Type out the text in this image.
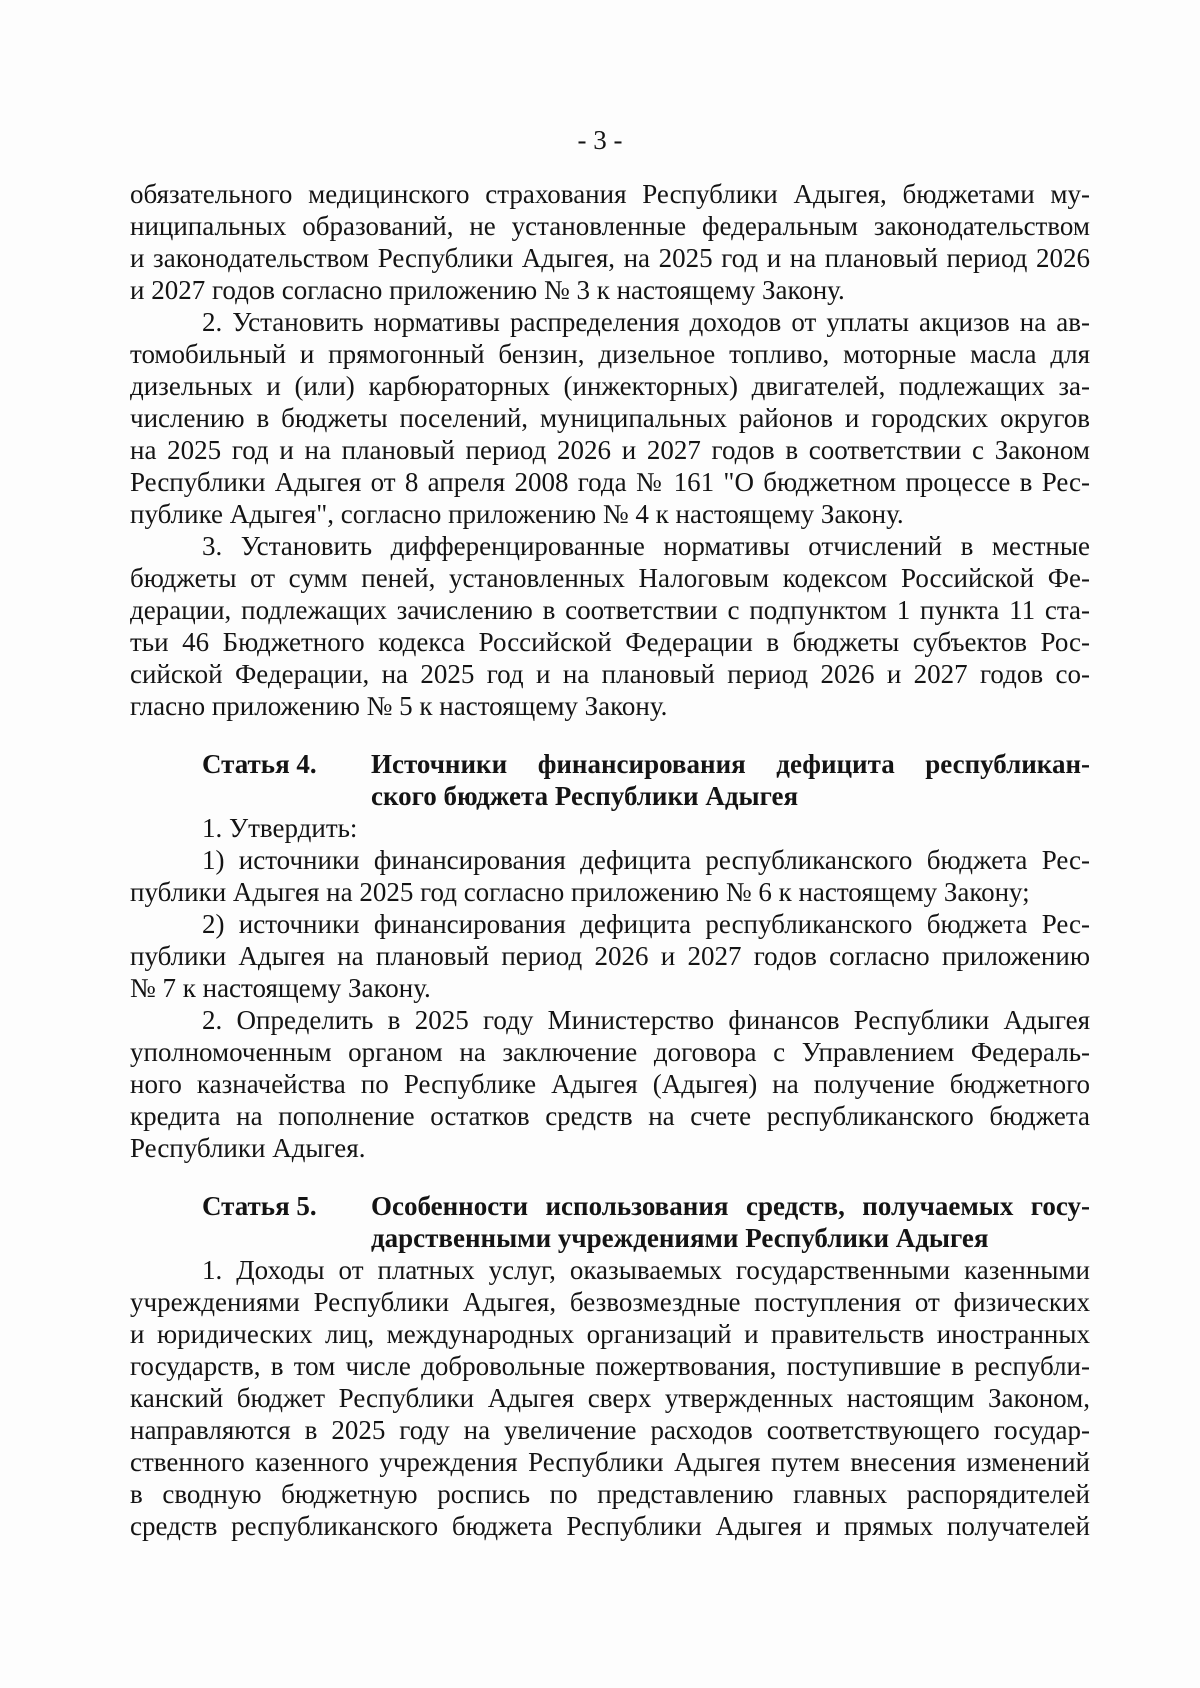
- 3 -
обязательного медицинского страхования Республики Адыгея, бюджетами му-
ниципальных образований, не установленные федеральным законодательством
и законодательством Республики Адыгея, на 2025 год и на плановый период 2026
и 2027 годов согласно приложению № 3 к настоящему Закону.
2. Установить нормативы распределения доходов от уплаты акцизов на ав-
томобильный и прямогонный бензин, дизельное топливо, моторные масла для
дизельных и (или) карбюраторных (инжекторных) двигателей, подлежащих за-
числению в бюджеты поселений, муниципальных районов и городских округов
на 2025 год и на плановый период 2026 и 2027 годов в соответствии с Законом
Республики Адыгея от 8 апреля 2008 года № 161 "О бюджетном процессе в Рес-
публике Адыгея", согласно приложению № 4 к настоящему Закону.
3. Установить дифференцированные нормативы отчислений в местные
бюджеты от сумм пеней, установленных Налоговым кодексом Российской Фе-
дерации, подлежащих зачислению в соответствии с подпунктом 1 пункта 11 ста-
тьи 46 Бюджетного кодекса Российской Федерации в бюджеты субъектов Рос-
сийской Федерации, на 2025 год и на плановый период 2026 и 2027 годов со-
гласно приложению № 5 к настоящему Закону.
Статья 4.	Источники финансирования дефицита республикан-
ского бюджета Республики Адыгея
1. Утвердить:
1) источники финансирования дефицита республиканского бюджета Рес-
публики Адыгея на 2025 год согласно приложению № 6 к настоящему Закону;
2) источники финансирования дефицита республиканского бюджета Рес-
публики Адыгея на плановый период 2026 и 2027 годов согласно приложению
№ 7 к настоящему Закону.
2. Определить в 2025 году Министерство финансов Республики Адыгея
уполномоченным органом на заключение договора с Управлением Федераль-
ного казначейства по Республике Адыгея (Адыгея) на получение бюджетного
кредита на пополнение остатков средств на счете республиканского бюджета
Республики Адыгея.
Статья 5.	Особенности использования средств, получаемых госу-
дарственными учреждениями Республики Адыгея
1. Доходы от платных услуг, оказываемых государственными казенными
учреждениями Республики Адыгея, безвозмездные поступления от физических
и юридических лиц, международных организаций и правительств иностранных
государств, в том числе добровольные пожертвования, поступившие в республи-
канский бюджет Республики Адыгея сверх утвержденных настоящим Законом,
направляются в 2025 году на увеличение расходов соответствующего государ-
ственного казенного учреждения Республики Адыгея путем внесения изменений
в сводную бюджетную роспись по представлению главных распорядителей
средств республиканского бюджета Республики Адыгея и прямых получателей
